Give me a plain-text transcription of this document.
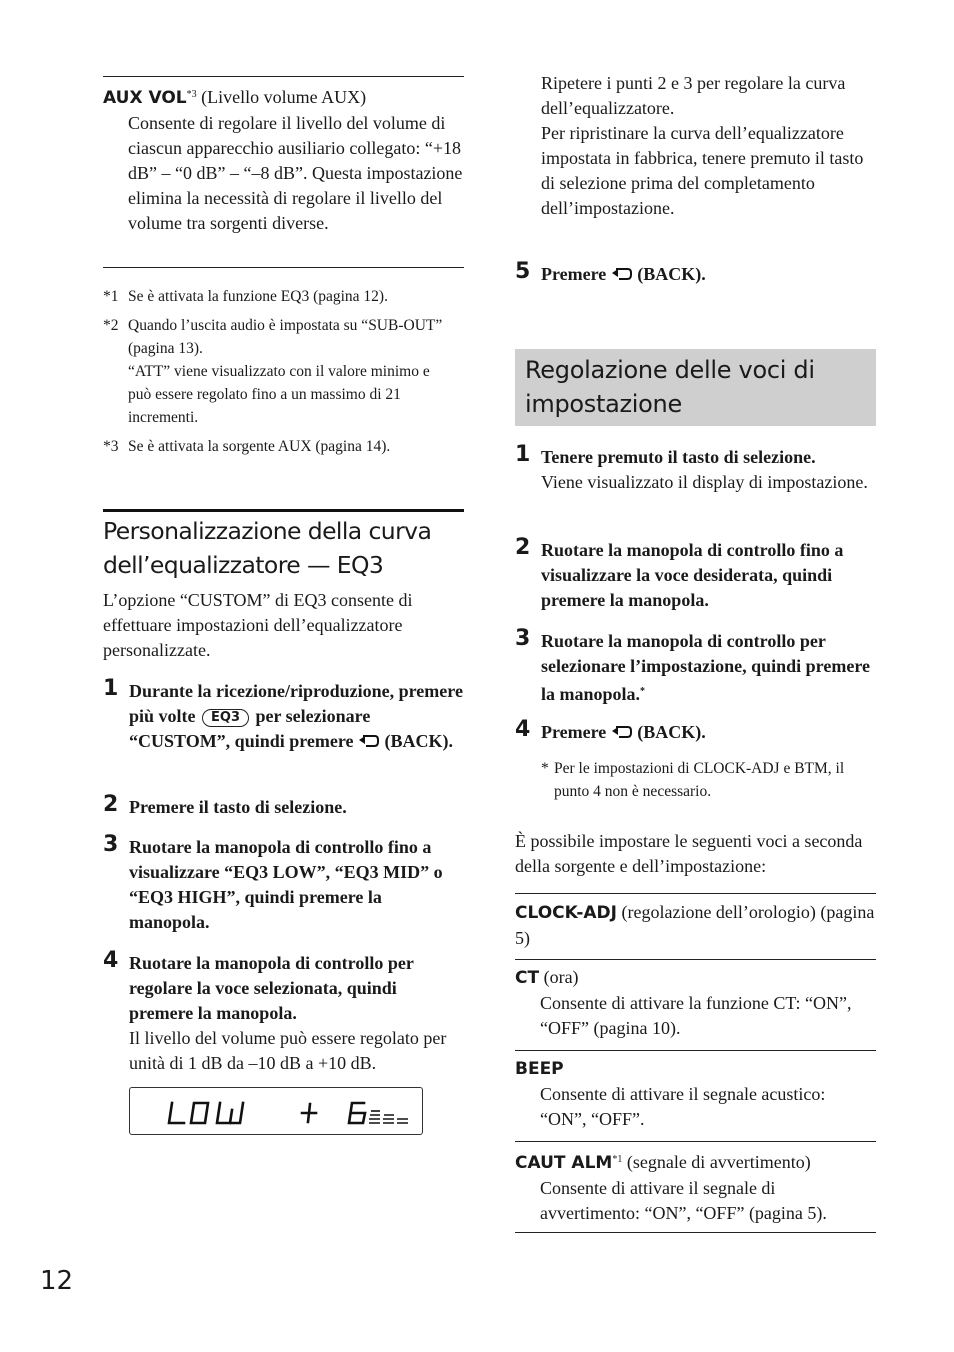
AUX VOL$^{*3}$ (Livello volume AUX)

Consente di regolare il livello del volume di ciascun apparecchio ausiliario collegato: “+18 dB” – “0 dB” – “–8 dB”. Questa impostazione elimina la necessità di regolare il livello del volume tra sorgenti diverse.

*1 Se è attivata la funzione EQ3 (pagina 12).
*2 Quando l’uscita audio è impostata su “SUB-OUT” (pagina 13).
“ATT” viene visualizzato con il valore minimo e può essere regolato fino a un massimo di 21 incrementi.
*3 Se è attivata la sorgente AUX (pagina 14).
Personalizzazione della curva dell’equalizzatore — EQ3

L’opzione “CUSTOM” di EQ3 consente di effettuare impostazioni dell’equalizzatore personalizzate.

1 Durante la ricezione/riproduzione, premere più volte EQ3 per selezionare “CUSTOM”, quindi premere (BACK).

2 Premere il tasto di selezione.

3 Ruotare la manopola di controllo fino a visualizzare “EQ3 LOW”, “EQ3 MID” o “EQ3 HIGH”, quindi premere la manopola.

4 Ruotare la manopola di controllo per regolare la voce selezionata, quindi premere la manopola.

Il livello del volume può essere regolato per unità di 1 dB da –10 dB a +10 dB.

Ripetere i punti 2 e 3 per regolare la curva dell’equalizzatore.

Per ripristinare la curva dell’equalizzatore impostata in fabbrica, tenere premuto il tasto di selezione prima del completamento dell’impostazione.

5 Premere (BACK).

Regolazione delle voci di impostazione
1 Tenere premuto il tasto di selezione.

Viene visualizzato il display di impostazione.

2 Ruotare la manopola di controllo fino a visualizzare la voce desiderata, quindi premere la manopola.

3 Ruotare la manopola di controllo per selezionare l’impostazione, quindi premere la manopola.*

4 Premere (BACK).

* Per le impostazioni di CLOCK-ADJ e BTM, il punto 4 non è necessario.

È possibile impostare le seguenti voci a seconda della sorgente e dell’impostazione:

CLOCK-ADJ (regolazione dell’orologio) (pagina 5)

CT (ora)

Consente di attivare la funzione CT: “ON”, “OFF” (pagina 10).

BEEP

Consente di attivare il segnale acustico: “ON”, “OFF”.

CAUT ALM$^{*1}$ (segnale di avvertimento)

Consente di attivare il segnale di avvertimento: “ON”, “OFF” (pagina 5).

12
